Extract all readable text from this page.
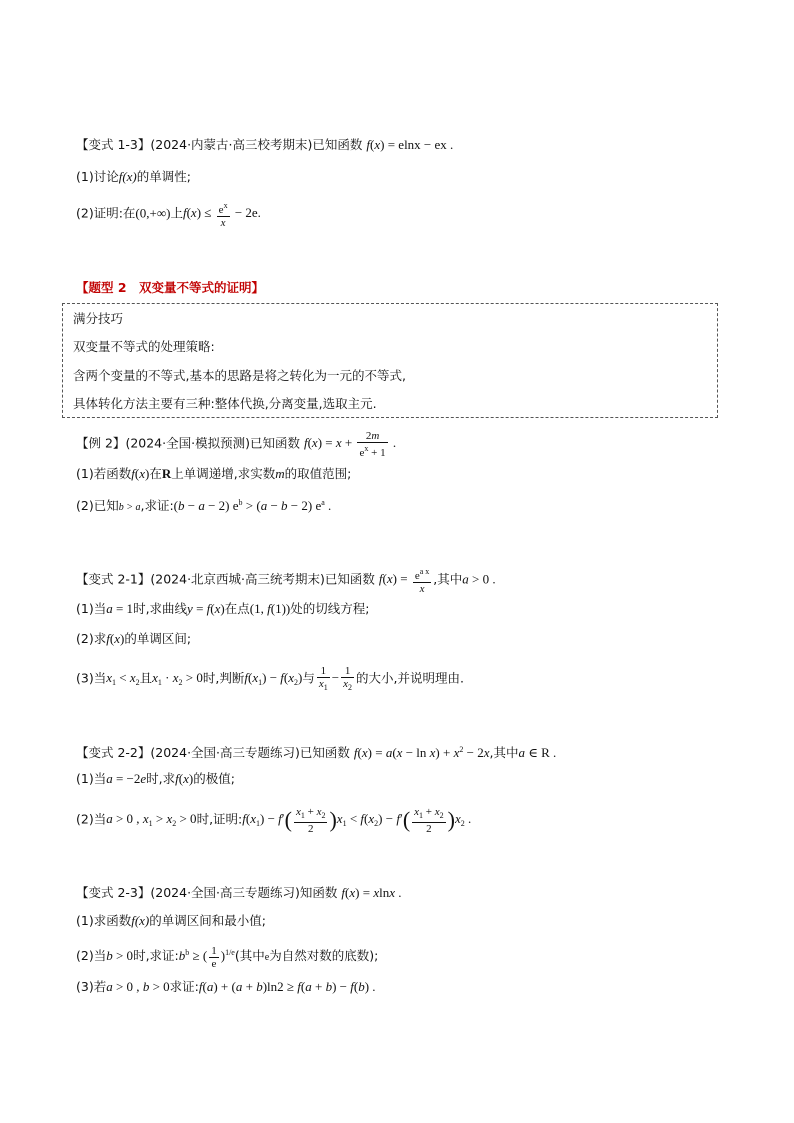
【变式 1-3】(2024·内蒙古·高三校考期末)已知函数 f(x) = elnx − ex .
(1)讨论f(x)的单调性;
(2)证明:在(0,+∞)上$f(x) \le \frac{e^x}{x} - 2e$.
【题型 2　双变量不等式的证明】
满分技巧
双变量不等式的处理策略:
含两个变量的不等式,基本的思路是将之转化为一元的不等式,
具体转化方法主要有三种:整体代换,分离变量,选取主元.
【例 2】(2024·全国·模拟预测)已知函数 $f(x) = x + \frac{2m}{e^x + 1}$ .
(1)若函数f(x)在R上单调递增,求实数m的取值范围;
(2)已知b > a,求证:(b − a − 2) $e^b > (a - b - 2)$ $e^a$ .
【变式 2-1】(2024·北京西城·高三统考期末)已知函数 $f(x) = \frac{e^{a x}}{x}$ ,其中a > 0 .
(1)当a = 1时,求曲线y = f(x)在点(1, f(1))处的切线方程;
(2)求f(x)的单调区间;
(3)当$x_1 < x_2$且$x_1 \cdot x_2 > 0$时,判断$f(x_1) - f(x_2)$与 $\frac{1}{x_1} - \frac{1}{x_2}$ 的大小,并说明理由.
【变式 2-2】(2024·全国·高三专题练习)已知函数 $f(x) = a(x - \ln x) + x^2 - 2x$,其中a ∈ R .
(1)当a = −2e时,求f(x)的极值;
(2)当a > 0 , $x_1 > x_2 > 0$时,证明$:f(x_1) - f'( \frac{x_1 + x_2}{2} )x_1 < f(x_2) - f'( \frac{x_1 + x_2}{2} )x_2$ .
【变式 2-3】(2024·全国·高三专题练习)知函数 f(x) = xlnx .
(1)求函数f(x)的单调区间和最小值;
(2)当b > 0时,求证$:b^b$ ≥ ( $\frac{1}{e} )^{1/e}$(其中e为自然对数的底数);
(3)若a > 0 , b > 0求证:f(a) + (a + b)ln2 ≥ f(a + b) − f(b) .
